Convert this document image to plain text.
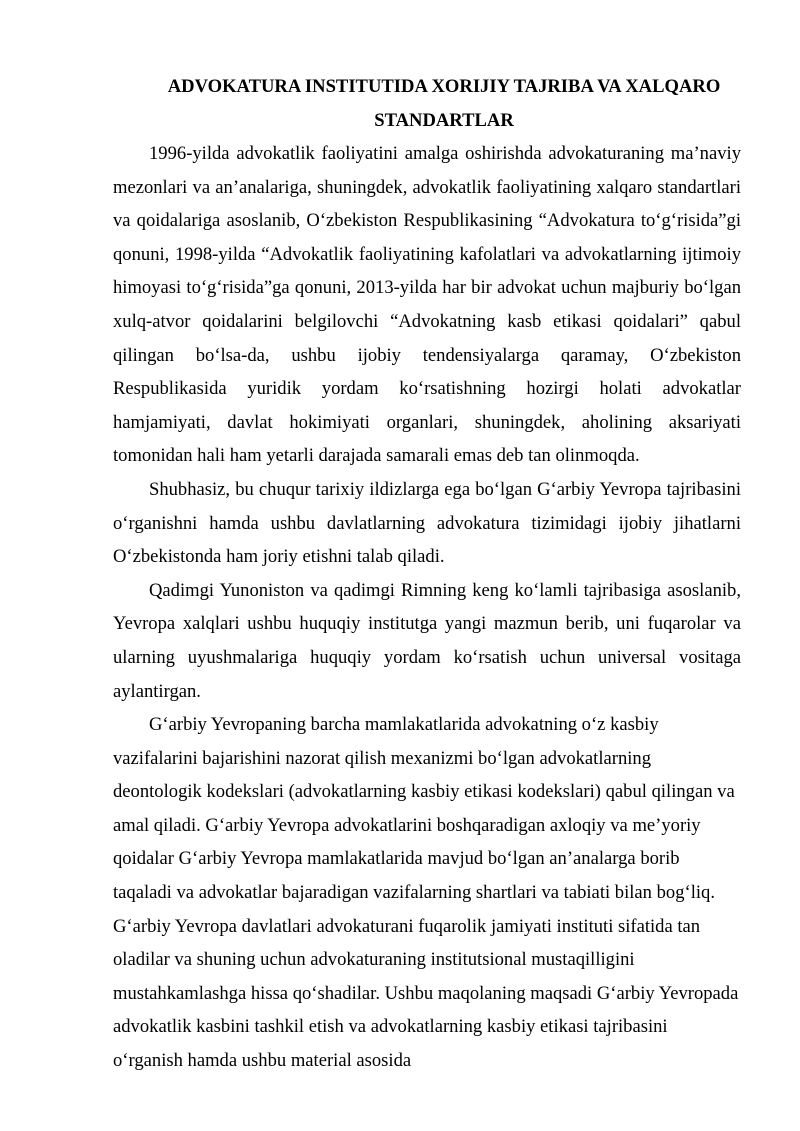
ADVOKATURA INSTITUTIDA XORIJIY TAJRIBA VA XALQARO STANDARTLAR

1996-yilda advokatlik faoliyatini amalga oshirishda advokaturaning ma’naviy mezonlari va an’analariga, shuningdek, advokatlik faoliyatining xalqaro standartlari va qoidalariga asoslanib, O‘zbekiston Respublikasining “Advokatura to‘g‘risida”gi qonuni, 1998-yilda “Advokatlik faoliyatining kafolatlari va advokatlarning ijtimoiy himoyasi to‘g‘risida”ga qonuni, 2013-yilda har bir advokat uchun majburiy bo‘lgan xulq-atvor qoidalarini belgilovchi “Advokatning kasb etikasi qoidalari” qabul qilingan bo‘lsa-da, ushbu ijobiy tendensiyalarga qaramay, O‘zbekiston Respublikasida yuridik yordam ko‘rsatishning hozirgi holati advokatlar hamjamiyati, davlat hokimiyati organlari, shuningdek, aholining aksariyati tomonidan hali ham yetarli darajada samarali emas deb tan olinmoqda.

Shubhasiz, bu chuqur tarixiy ildizlarga ega bo‘lgan G‘arbiy Yevropa tajribasini o‘rganishni hamda ushbu davlatlarning advokatura tizimidagi ijobiy jihatlarni O‘zbekistonda ham joriy etishni talab qiladi.

Qadimgi Yunoniston va qadimgi Rimning keng ko‘lamli tajribasiga asoslanib, Yevropa xalqlari ushbu huquqiy institutga yangi mazmun berib, uni fuqarolar va ularning uyushmalariga huquqiy yordam ko‘rsatish uchun universal vositaga aylantirgan.

G‘arbiy Yevropaning barcha mamlakatlarida advokatning o‘z kasbiy vazifalarini bajarishini nazorat qilish mexanizmi bo‘lgan advokatlarning deontologik kodekslari (advokatlarning kasbiy etikasi kodekslari) qabul qilingan va amal qiladi. G‘arbiy Yevropa advokatlarini boshqaradigan axloqiy va me’yoriy qoidalar G‘arbiy Yevropa mamlakatlarida mavjud bo‘lgan an’analarga borib taqaladi va advokatlar bajaradigan vazifalarning shartlari va tabiati bilan bog‘liq. G‘arbiy Yevropa davlatlari advokaturani fuqarolik jamiyati instituti sifatida tan oladilar va shuning uchun advokaturaning institutsional mustaqilligini mustahkamlashga hissa qo‘shadilar. Ushbu maqolaning maqsadi G‘arbiy Yevropada advokatlik kasbini tashkil etish va advokatlarning kasbiy etikasi tajribasini o‘rganish hamda ushbu material asosida
